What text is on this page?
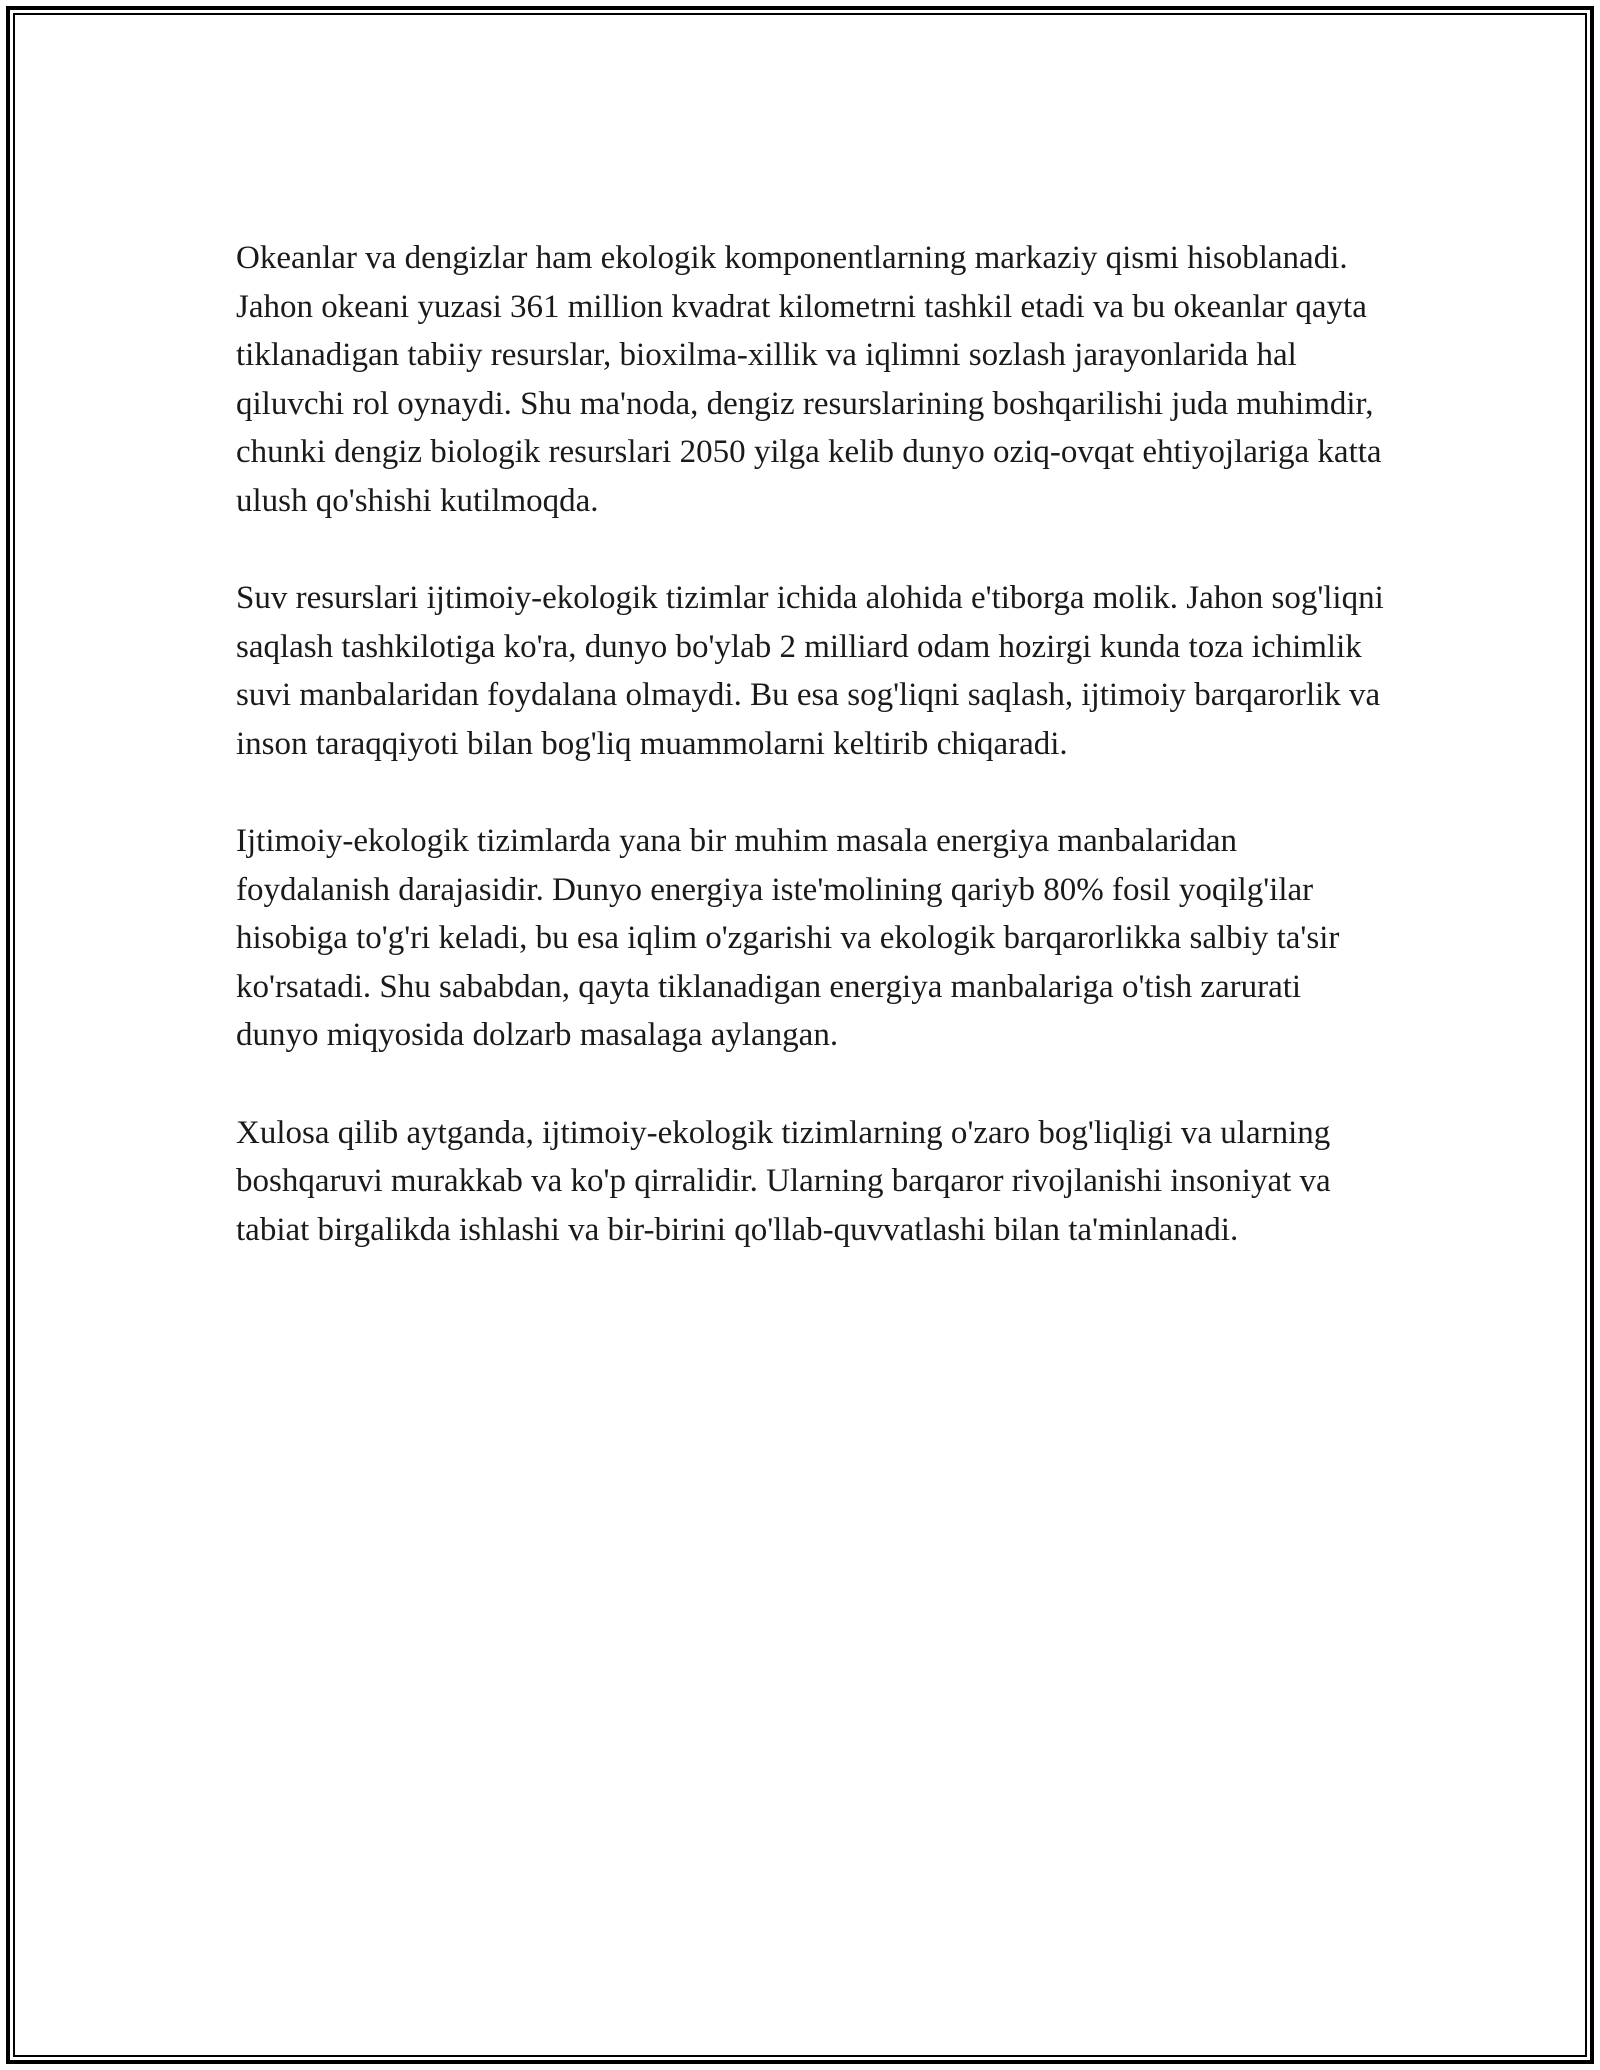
Okeanlar va dengizlar ham ekologik komponentlarning markaziy qismi hisoblanadi. Jahon okeani yuzasi 361 million kvadrat kilometrni tashkil etadi va bu okeanlar qayta tiklanadigan tabiiy resurslar, bioxilma-xillik va iqlimni sozlash jarayonlarida hal qiluvchi rol oynaydi. Shu ma'noda, dengiz resurslarining boshqarilishi juda muhimdir, chunki dengiz biologik resurslari 2050 yilga kelib dunyo oziq-ovqat ehtiyojlariga katta ulush qo'shishi kutilmoqda.

Suv resurslari ijtimoiy-ekologik tizimlar ichida alohida e'tiborga molik. Jahon sog'liqni saqlash tashkilotiga ko'ra, dunyo bo'ylab 2 milliard odam hozirgi kunda toza ichimlik suvi manbalaridan foydalana olmaydi. Bu esa sog'liqni saqlash, ijtimoiy barqarorlik va inson taraqqiyoti bilan bog'liq muammolarni keltirib chiqaradi.

Ijtimoiy-ekologik tizimlarda yana bir muhim masala energiya manbalaridan foydalanish darajasidir. Dunyo energiya iste'molining qariyb 80% fosil yoqilg'ilar hisobiga to'g'ri keladi, bu esa iqlim o'zgarishi va ekologik barqarorlikka salbiy ta'sir ko'rsatadi. Shu sababdan, qayta tiklanadigan energiya manbalariga o'tish zarurati dunyo miqyosida dolzarb masalaga aylangan.

Xulosa qilib aytganda, ijtimoiy-ekologik tizimlarning o'zaro bog'liqligi va ularning boshqaruvi murakkab va ko'p qirralidir. Ularning barqaror rivojlanishi insoniyat va tabiat birgalikda ishlashi va bir-birini qo'llab-quvvatlashi bilan ta'minlanadi.
